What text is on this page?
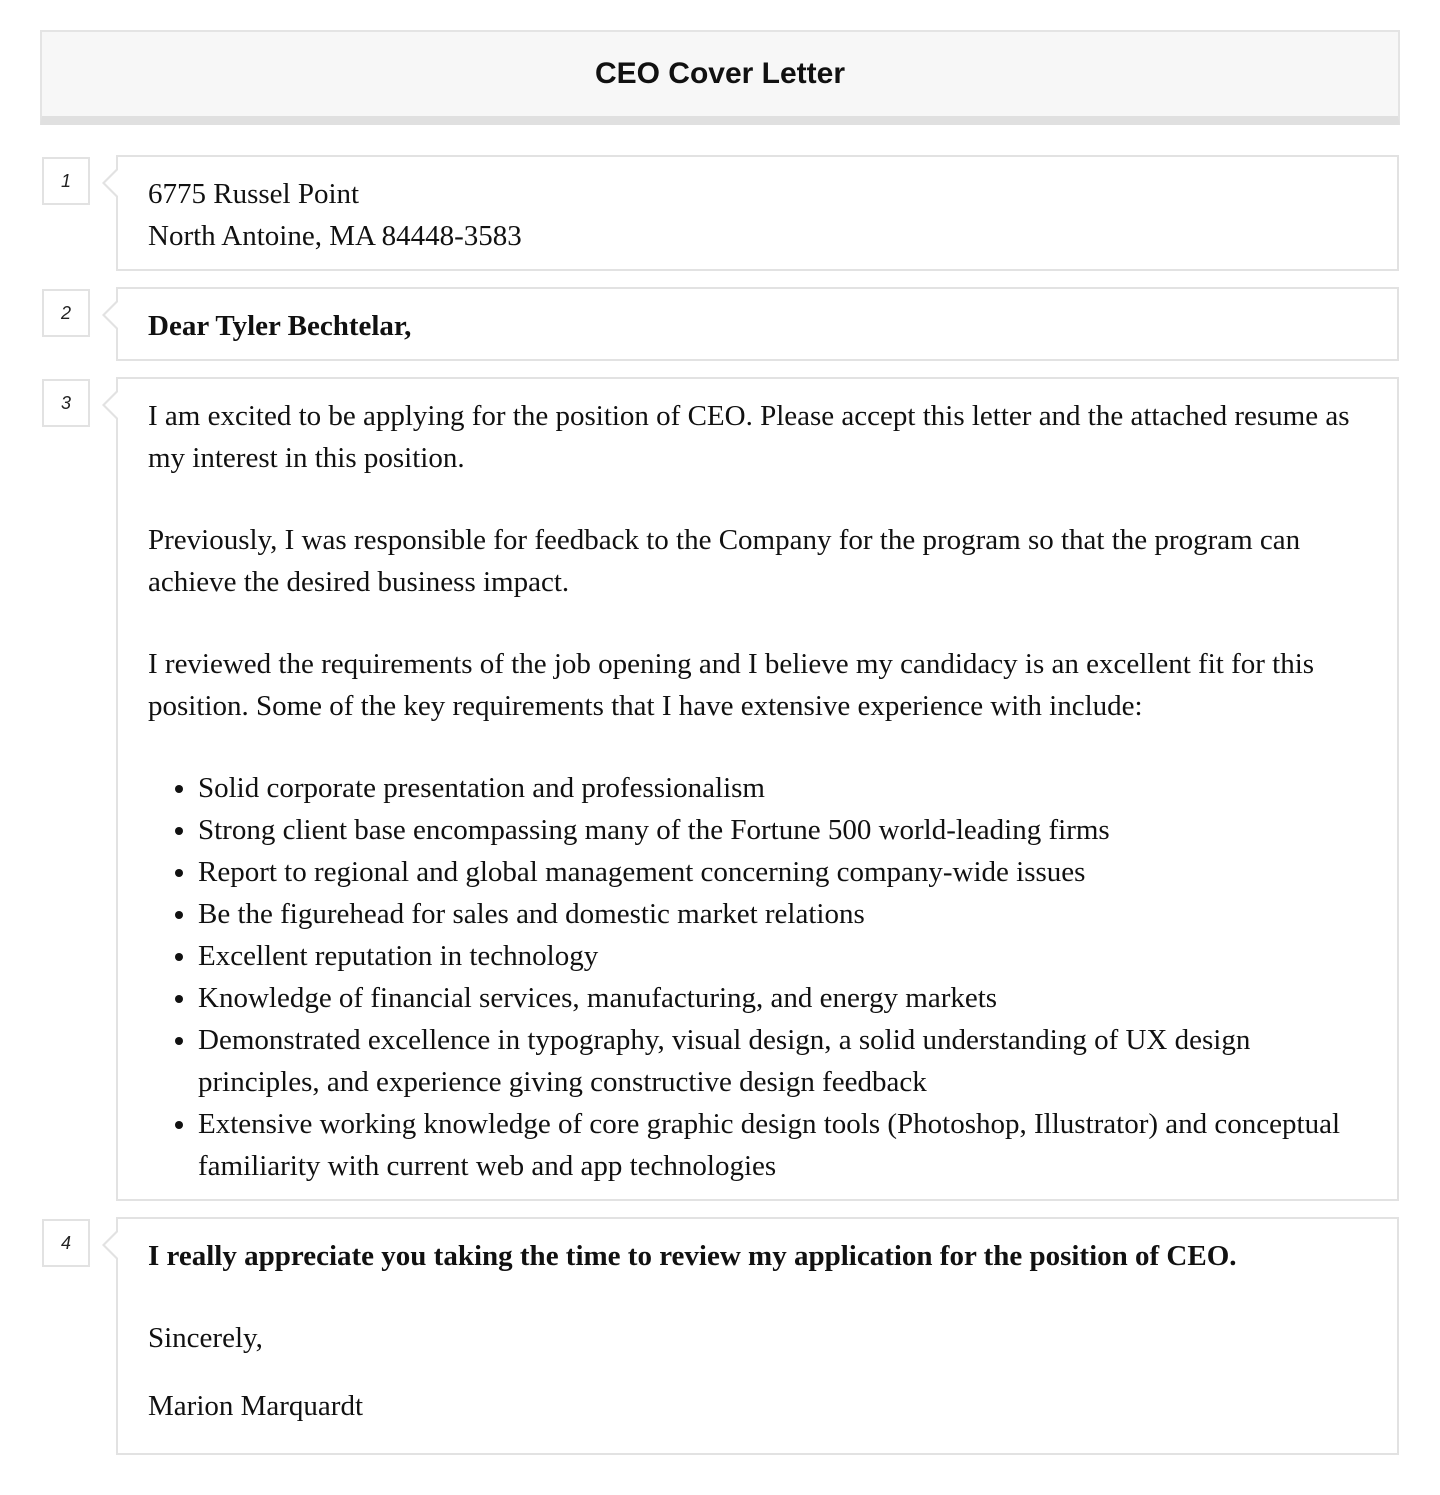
CEO Cover Letter
1	6775 Russel Point

North Antoine, MA 84448-3583

2	Dear Tyler Bechtelar,

3	I am excited to be applying for the position of CEO. Please accept this letter and the attached resume as my interest in this position.

Previously, I was responsible for feedback to the Company for the program so that the program can achieve the desired business impact.

I reviewed the requirements of the job opening and I believe my candidacy is an excellent fit for this position. Some of the key requirements that I have extensive experience with include:

• Solid corporate presentation and professionalism
• Strong client base encompassing many of the Fortune 500 world-leading firms
• Report to regional and global management concerning company-wide issues
• Be the figurehead for sales and domestic market relations
• Excellent reputation in technology
• Knowledge of financial services, manufacturing, and energy markets
• Demonstrated excellence in typography, visual design, a solid understanding of UX design principles, and experience giving constructive design feedback
• Extensive working knowledge of core graphic design tools (Photoshop, Illustrator) and conceptual familiarity with current web and app technologies
4	I really appreciate you taking the time to review my application for the position of CEO.

Sincerely,

Marion Marquardt
